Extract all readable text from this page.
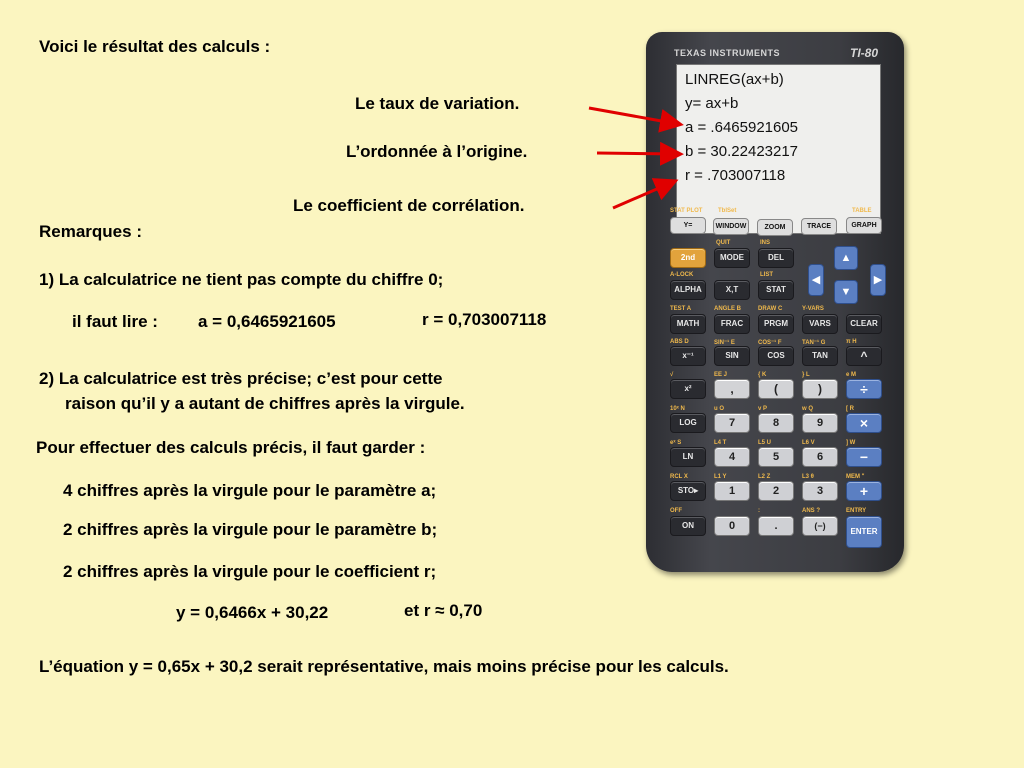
Voici le résultat des calculs :
Le taux de variation.
L’ordonnée à l’origine.
Le coefficient de corrélation.
Remarques :
1) La calculatrice ne tient pas compte du chiffre 0;
il faut lire : a = 0,6465921605	r = 0,703007118
2) La calculatrice est très précise; c’est pour cette
raison qu’il y a autant de chiffres après la virgule.
Pour effectuer des calculs précis, il faut garder :
4 chiffres après la virgule pour le paramètre a;
2 chiffres après la virgule pour le paramètre b;
2 chiffres après la virgule pour le coefficient r;
y = 0,6466x + 30,22	et r ≈ 0,70
L’équation y = 0,65x + 30,2 serait représentative, mais moins précise pour les calculs.
TEXAS INSTRUMENTS	TI-80
LINREG(ax+b)
y= ax+b
a = .6465921605
b = 30.22423217
r = .703007118
STAT PLOT	TblSet	TABLE
Y=	WINDOW	ZOOM	TRACE	GRAPH
QUIT	INS
2nd	MODE	DEL	▲
◀	▶
▼
A-LOCK	LIST
ALPHA	X,T	STAT
TEST A	ANGLE B	DRAW C	Y-VARS
MATH	FRAC	PRGM	VARS	CLEAR
ABS D	SIN⁻¹ E	COS⁻¹ F	TAN⁻¹ G	π H
x⁻¹	SIN	COS	TAN	^
√	EE J	{ K	} L	e M
x²	,	(	)	÷
10ˣ N	u O	v P	w Q	[ R
LOG	7	8	9	×
eˣ S	L4 T	L5 U	L6 V	] W
LN	4	5	6	−
RCL X	L1 Y	L2 Z	L3 θ	MEM "
STO▸	1	2	3	+
OFF	:	ANS ?	ENTRY
ON	0	.	(−)
ENTER
